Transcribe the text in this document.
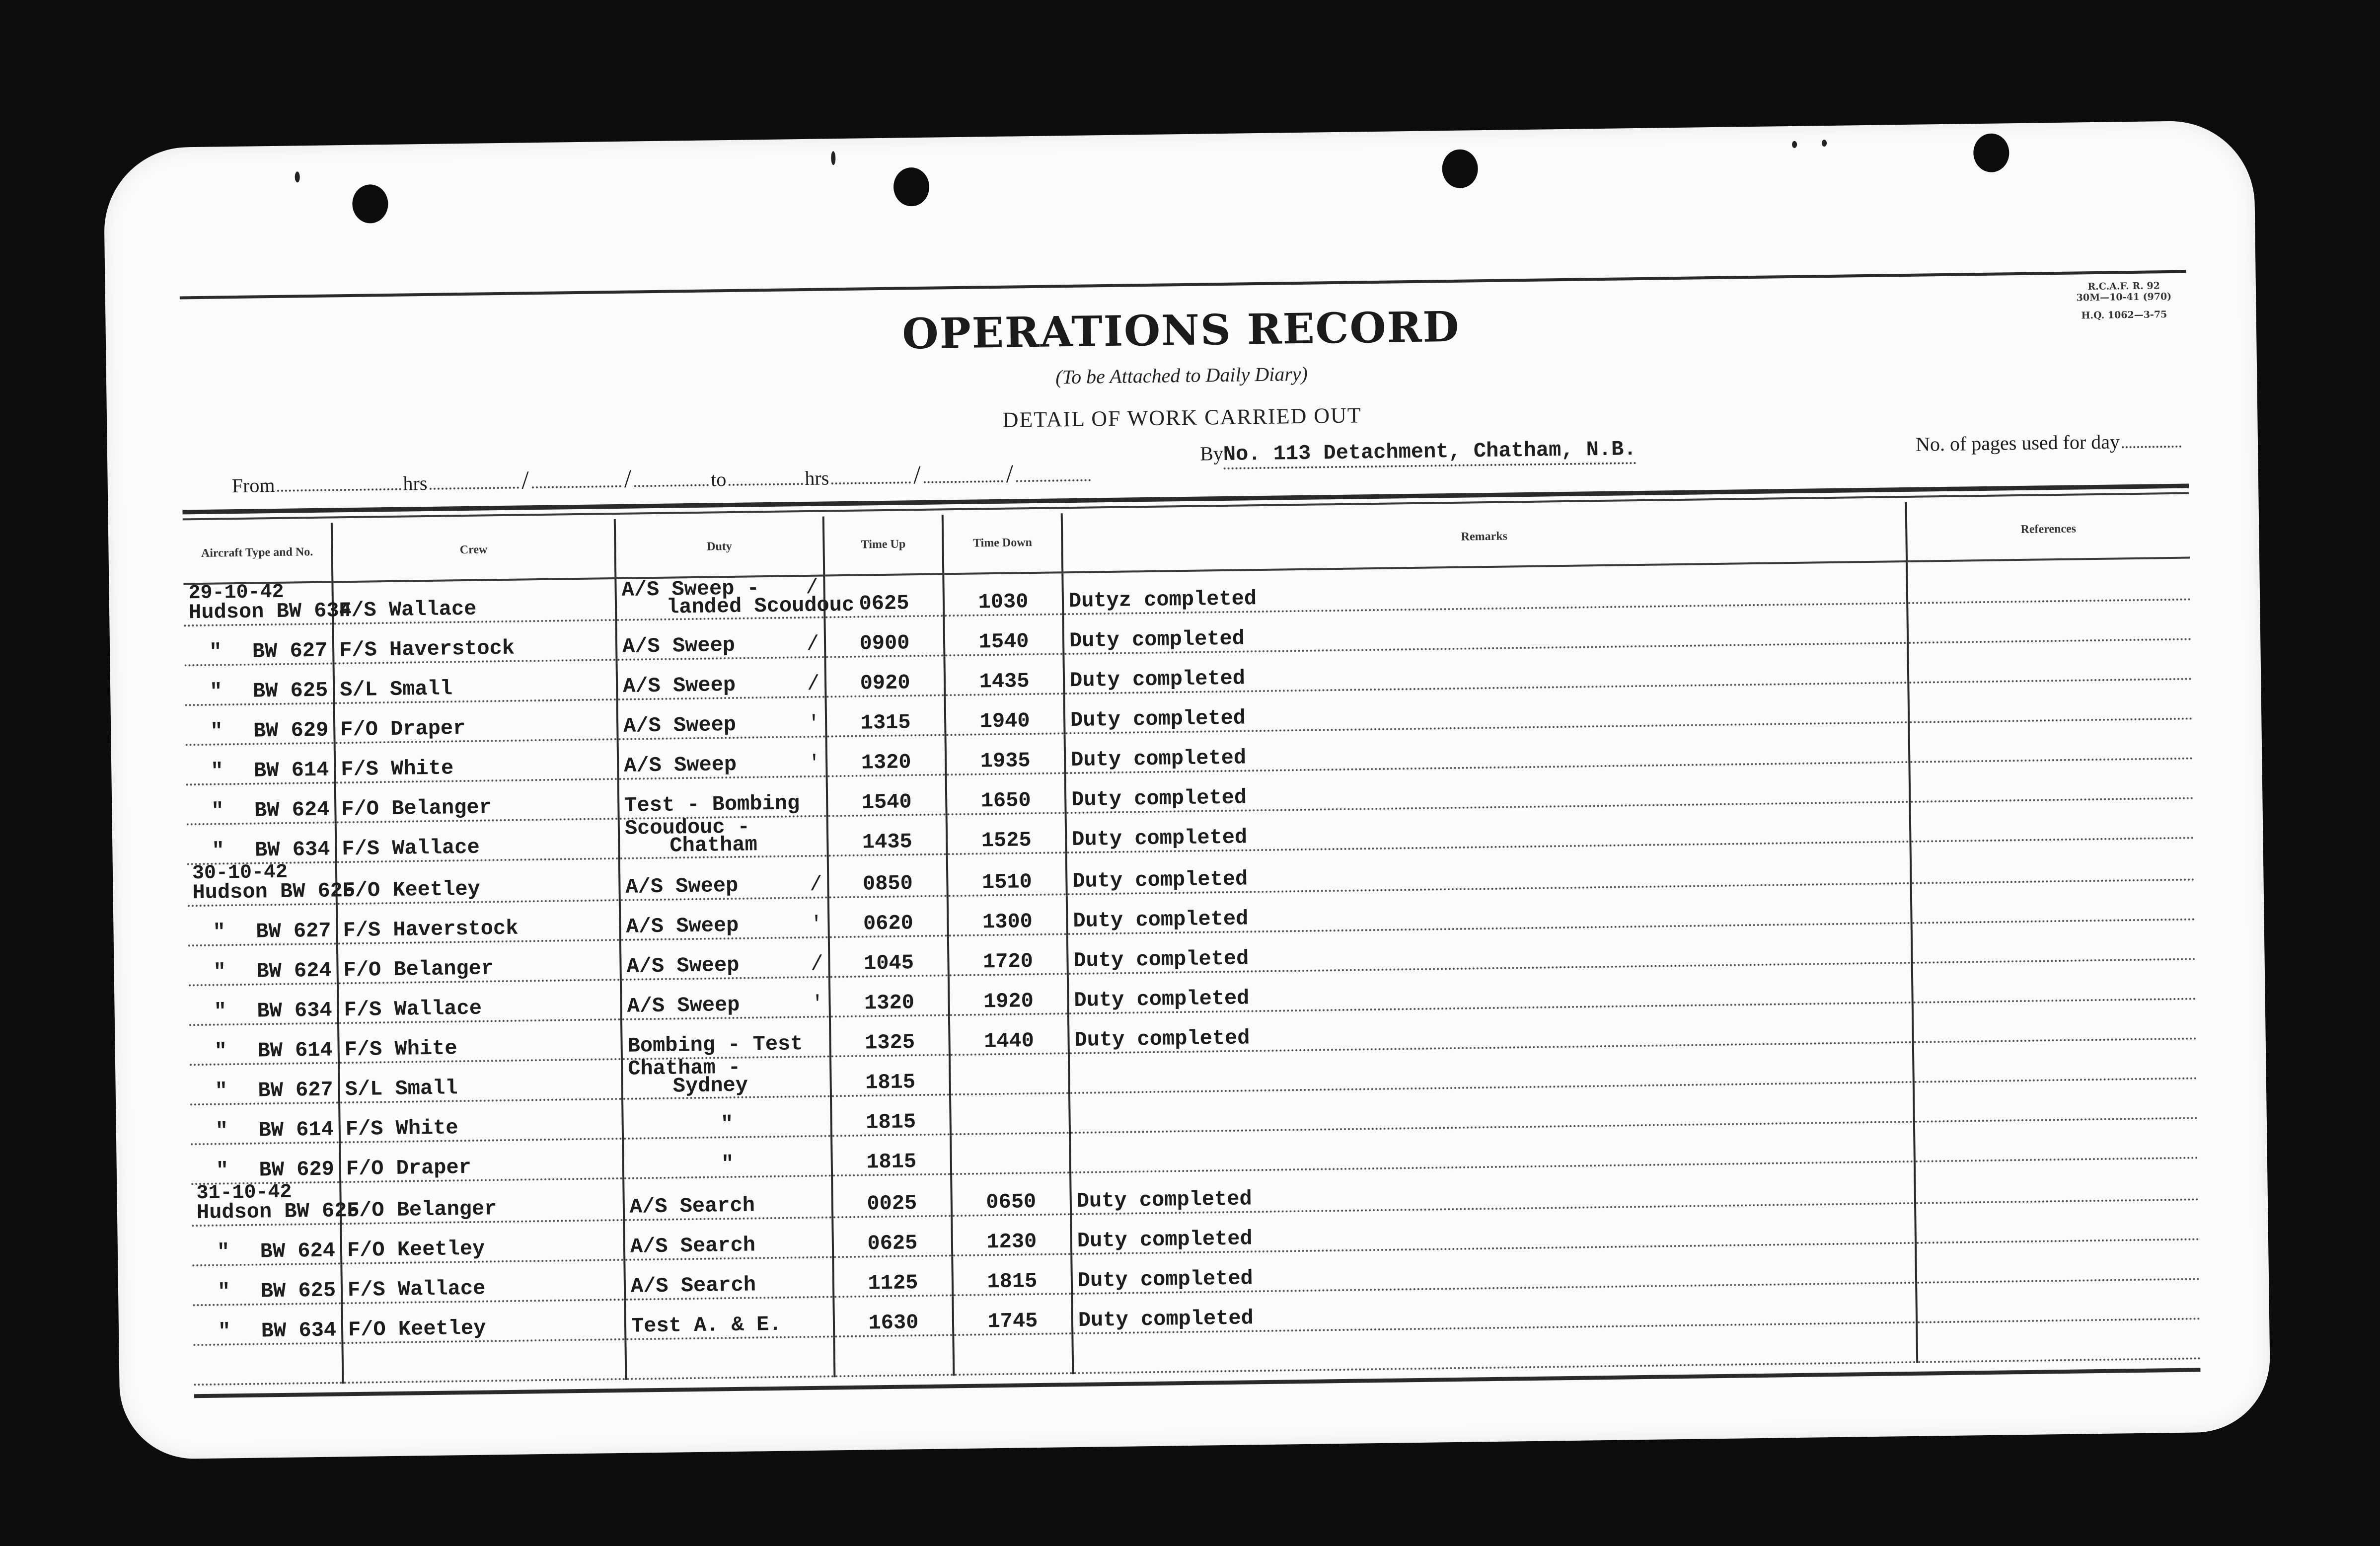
R.C.A.F. R. 92
30M—10-41 (970)
H.Q. 1062—3-75
OPERATIONS RECORD
(To be Attached to Daily Diary)
DETAIL OF WORK CARRIED OUT
From	hrs	/	/	to	hrs	/	/
By No. 113 Detachment, Chatham, N.B.	No. of pages used for day
Aircraft Type and No.	Crew	Duty	Time Up	Time Down	Remarks	References

29-10-42
Hudson BW 634	F/S Wallace	A/S Sweep - /
landed Scoudouc	0625	1030	Dutyz completed	

" BW 627	F/S Haverstock	A/S Sweep /	0900	1540	Duty completed	

" BW 625	S/L Small	A/S Sweep /	0920	1435	Duty completed	

" BW 629	F/O Draper	A/S Sweep '	1315	1940	Duty completed	

" BW 614	F/S White	A/S Sweep '	1320	1935	Duty completed	

" BW 624	F/O Belanger	Test - Bombing	1540	1650	Duty completed	

" BW 634	F/S Wallace	Scoudouc -
Chatham	1435	1525	Duty completed	

30-10-42
Hudson BW 625	F/O Keetley	A/S Sweep /	0850	1510	Duty completed	

" BW 627	F/S Haverstock	A/S Sweep '	0620	1300	Duty completed	

" BW 624	F/O Belanger	A/S Sweep /	1045	1720	Duty completed	

" BW 634	F/S Wallace	A/S Sweep '	1320	1920	Duty completed	

" BW 614	F/S White	Bombing - Test	1325	1440	Duty completed	

" BW 627	S/L Small	Chatham -
Sydney	1815			

" BW 614	F/S White	"	1815			

" BW 629	F/O Draper	"	1815			

31-10-42
Hudson BW 625	F/O Belanger	A/S Search	0025	0650	Duty completed	

" BW 624	F/O Keetley	A/S Search	0625	1230	Duty completed	

" BW 625	F/S Wallace	A/S Search	1125	1815	Duty completed	

" BW 634	F/O Keetley	Test A. & E.	1630	1745	Duty completed	
